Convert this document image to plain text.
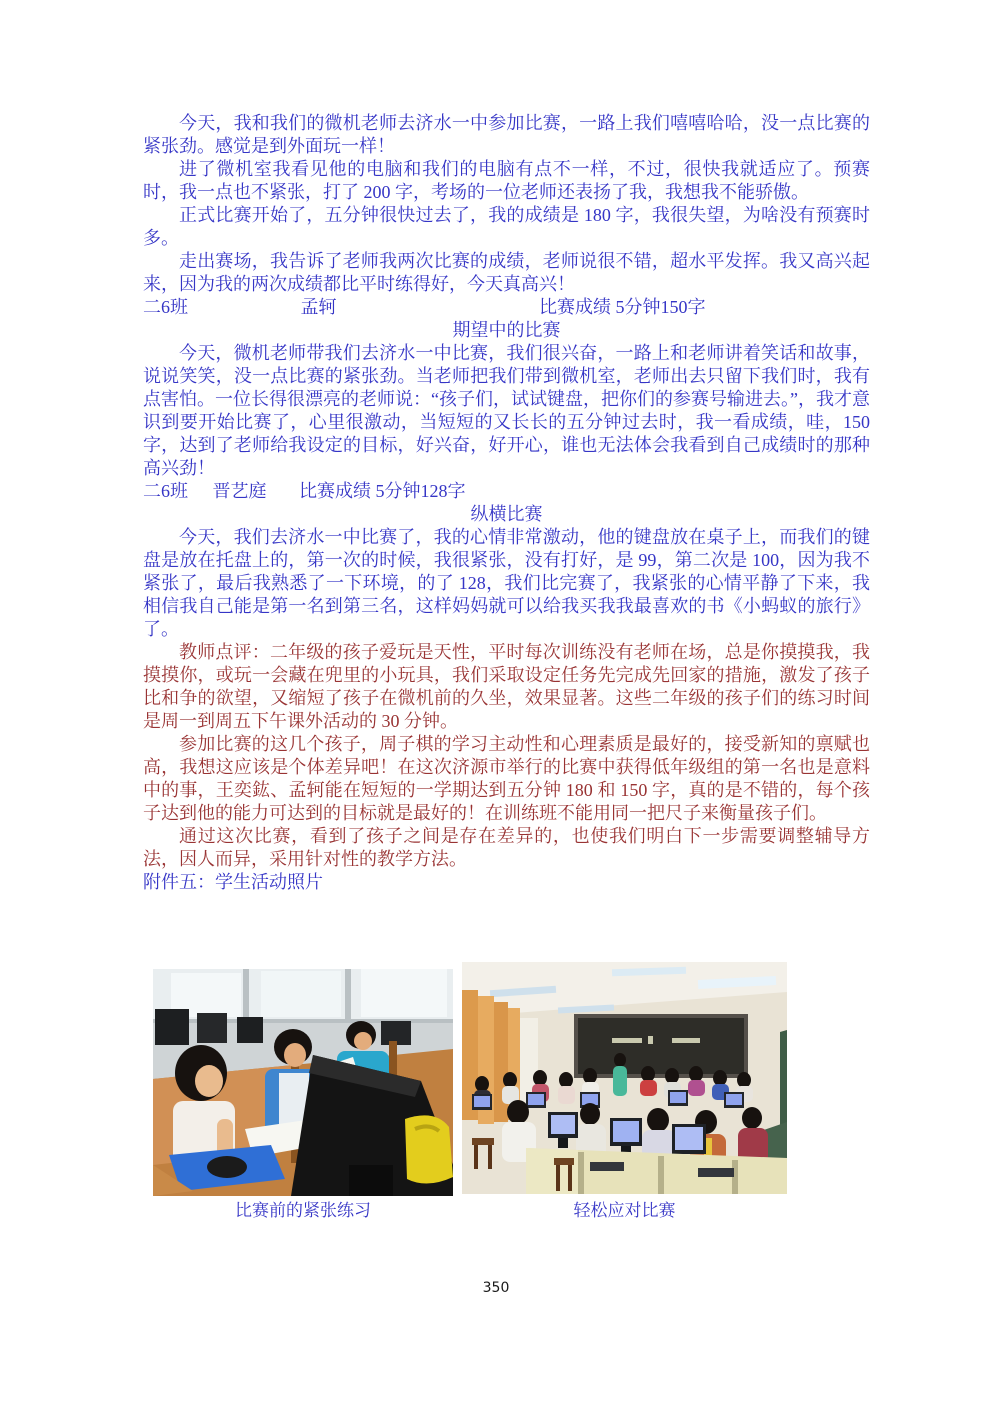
今天，我和我们的微机老师去济水一中参加比赛，一路上我们嘻嘻哈哈，没一点比赛的紧张劲。感觉是到外面玩一样！

进了微机室我看见他的电脑和我们的电脑有点不一样，不过，很快我就适应了。预赛时，我一点也不紧张，打了 200 字，考场的一位老师还表扬了我，我想我不能骄傲。

正式比赛开始了，五分钟很快过去了，我的成绩是 180 字，我很失望，为啥没有预赛时多。

走出赛场，我告诉了老师我两次比赛的成绩，老师说很不错，超水平发挥。我又高兴起来，因为我的两次成绩都比平时练得好，今天真高兴！

二6班	孟轲	比赛成绩 5分钟150字

期望中的比赛

今天，微机老师带我们去济水一中比赛，我们很兴奋，一路上和老师讲着笑话和故事，说说笑笑，没一点比赛的紧张劲。当老师把我们带到微机室，老师出去只留下我们时，我有点害怕。一位长得很漂亮的老师说：“孩子们，试试键盘，把你们的参赛号输进去。”，我才意识到要开始比赛了，心里很激动，当短短的又长长的五分钟过去时，我一看成绩，哇，150 字，达到了老师给我设定的目标，好兴奋，好开心，谁也无法体会我看到自己成绩时的那种高兴劲！

二6班 晋艺庭 比赛成绩 5分钟128字

纵横比赛

今天，我们去济水一中比赛了，我的心情非常激动，他的键盘放在桌子上，而我们的键盘是放在托盘上的，第一次的时候，我很紧张，没有打好，是 99，第二次是 100，因为我不紧张了，最后我熟悉了一下环境，的了 128，我们比完赛了，我紧张的心情平静了下来，我相信我自己能是第一名到第三名，这样妈妈就可以给我买我我最喜欢的书《小蚂蚁的旅行》了。

教师点评：二年级的孩子爱玩是天性，平时每次训练没有老师在场，总是你摸摸我，我摸摸你，或玩一会藏在兜里的小玩具，我们采取设定任务先完成先回家的措施，激发了孩子比和争的欲望，又缩短了孩子在微机前的久坐，效果显著。这些二年级的孩子们的练习时间是周一到周五下午课外活动的 30 分钟。

参加比赛的这几个孩子，周子棋的学习主动性和心理素质是最好的，接受新知的禀赋也高，我想这应该是个体差异吧！在这次济源市举行的比赛中获得低年级组的第一名也是意料中的事，王奕鈜、孟轲能在短短的一学期达到五分钟 180 和 150 字，真的是不错的，每个孩子达到他的能力可达到的目标就是最好的！在训练班不能用同一把尺子来衡量孩子们。

通过这次比赛，看到了孩子之间是存在差异的，也使我们明白下一步需要调整辅导方法，因人而异，采用针对性的教学方法。

附件五：学生活动照片

比赛前的紧张练习	轻松应对比赛
350
